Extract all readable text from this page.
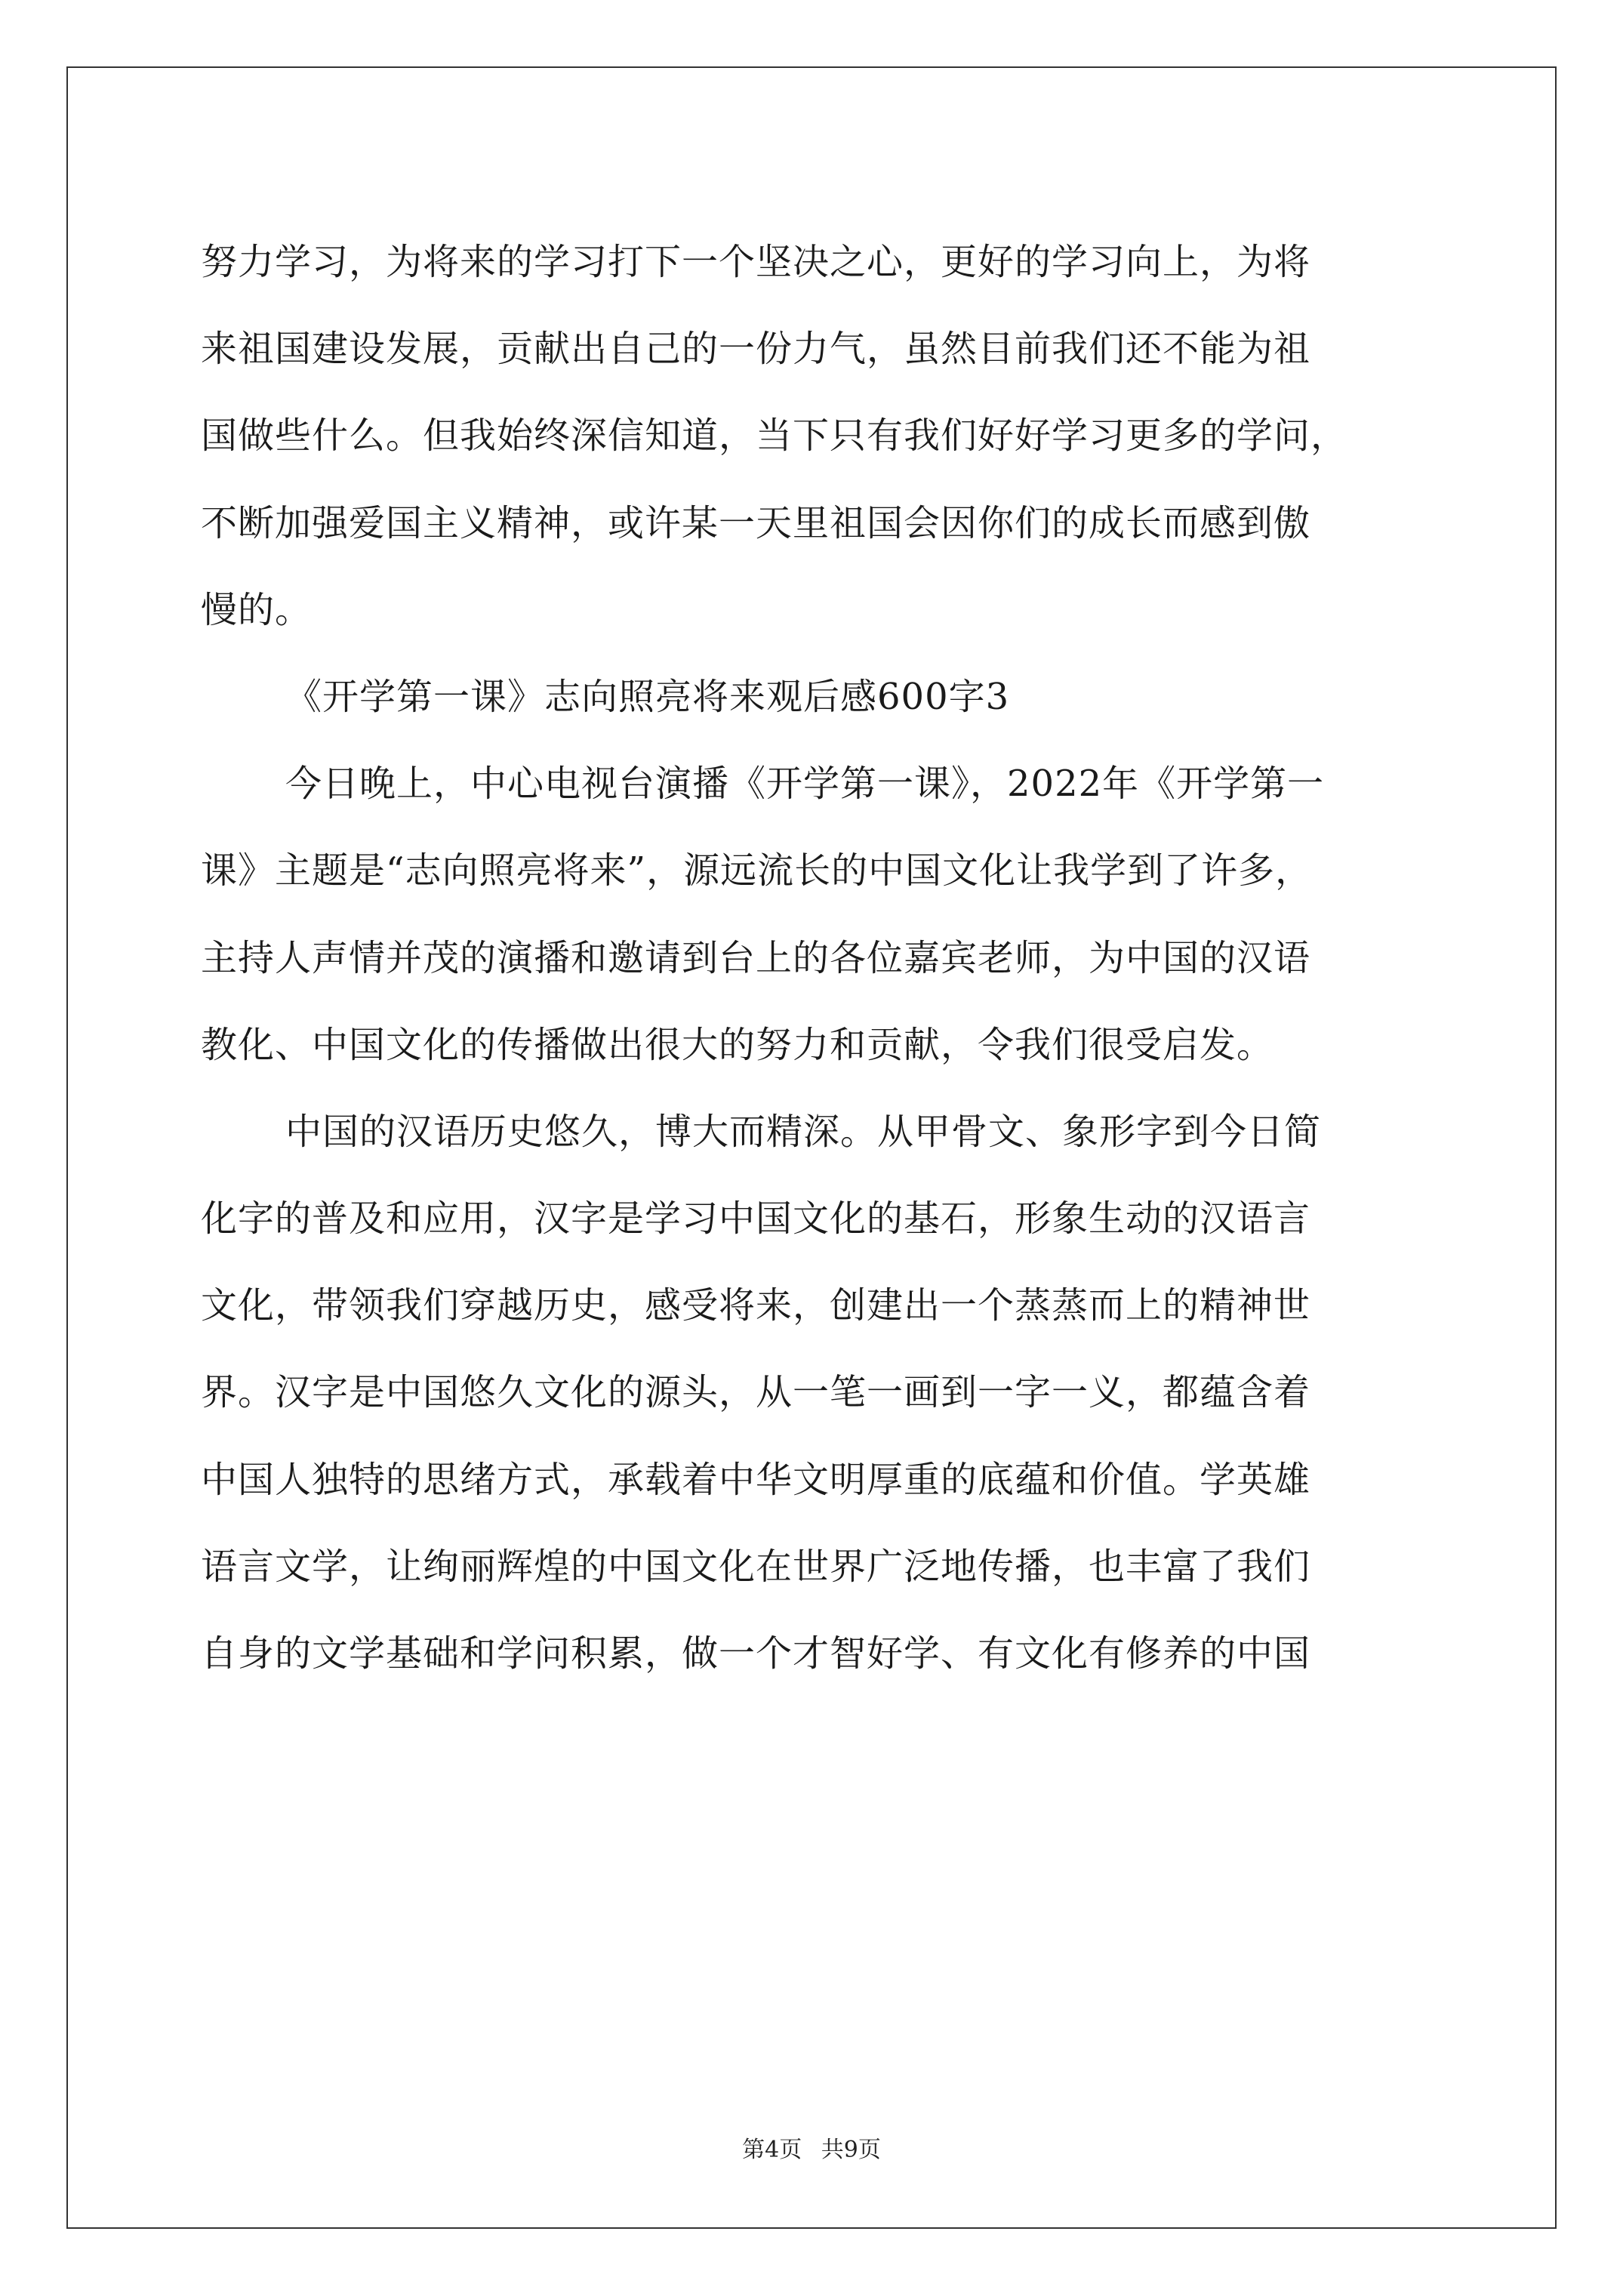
努力学习，为将来的学习打下一个坚决之心，更好的学习向上，为将
来祖国建设发展，贡献出自己的一份力气，虽然目前我们还不能为祖
国做些什么。但我始终深信知道，当下只有我们好好学习更多的学问，
不断加强爱国主义精神，或许某一天里祖国会因你们的成长而感到傲
慢的。
《开学第一课》志向照亮将来观后感600字3
今日晚上，中心电视台演播《开学第一课》，2022年《开学第一
课》主题是“志向照亮将来”，源远流长的中国文化让我学到了许多，
主持人声情并茂的演播和邀请到台上的各位嘉宾老师，为中国的汉语
教化、中国文化的传播做出很大的努力和贡献，令我们很受启发。
中国的汉语历史悠久，博大而精深。从甲骨文、象形字到今日简
化字的普及和应用，汉字是学习中国文化的基石，形象生动的汉语言
文化，带领我们穿越历史，感受将来，创建出一个蒸蒸而上的精神世
界。汉字是中国悠久文化的源头，从一笔一画到一字一义，都蕴含着
中国人独特的思绪方式，承载着中华文明厚重的底蕴和价值。学英雄
语言文学，让绚丽辉煌的中国文化在世界广泛地传播，也丰富了我们
自身的文学基础和学问积累，做一个才智好学、有文化有修养的中国
第4页 共9页
